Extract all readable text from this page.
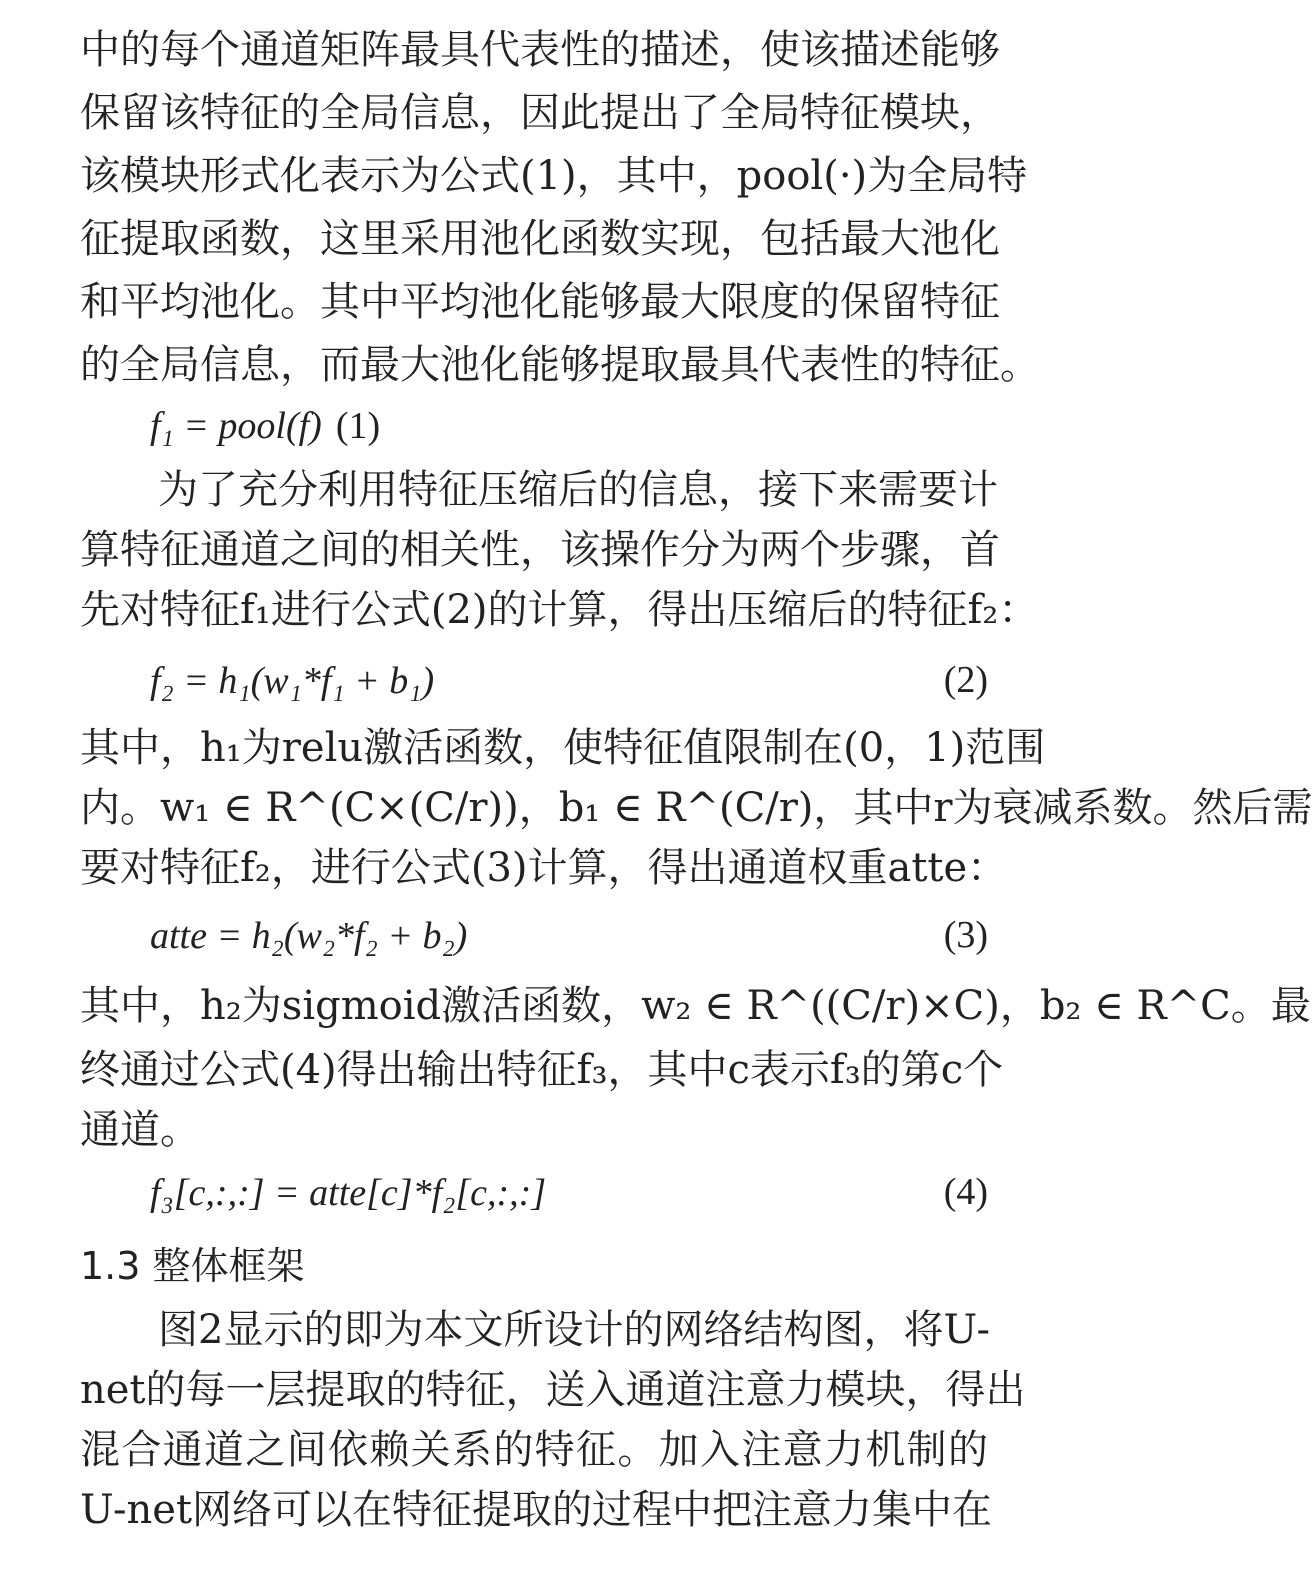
中的每个通道矩阵最具代表性的描述，使该描述能够
保留该特征的全局信息，因此提出了全局特征模块，
该模块形式化表示为公式(1)，其中，pool(·)为全局特
征提取函数，这里采用池化函数实现，包括最大池化
和平均池化。其中平均池化能够最大限度的保留特征
的全局信息，而最大池化能够提取最具代表性的特征。
f₁ = pool(f) (1)
为了充分利用特征压缩后的信息，接下来需要计
算特征通道之间的相关性，该操作分为两个步骤，首
先对特征f₁进行公式(2)的计算，得出压缩后的特征f₂：
f₂ = h₁(w₁*f₁ + b₁)	(2)
其中，h₁为relu激活函数，使特征值限制在(0，1)范围
内。w₁ ∈ R^(C×(C/r))，b₁ ∈ R^(C/r)，其中r为衰减系数。然后需
要对特征f₂，进行公式(3)计算，得出通道权重atte：
atte = h₂(w₂*f₂ + b₂)	(3)
其中，h₂为sigmoid激活函数，w₂ ∈ R^((C/r)×C)，b₂ ∈ R^C。最
终通过公式(4)得出输出特征f₃，其中c表示f₃的第c个
通道。
f₃[c,:,:] = atte[c]*f₂[c,:,:]	(4)
1.3 整体框架
图2显示的即为本文所设计的网络结构图，将U-
net的每一层提取的特征，送入通道注意力模块，得出
混合通道之间依赖关系的特征。加入注意力机制的
U-net网络可以在特征提取的过程中把注意力集中在
